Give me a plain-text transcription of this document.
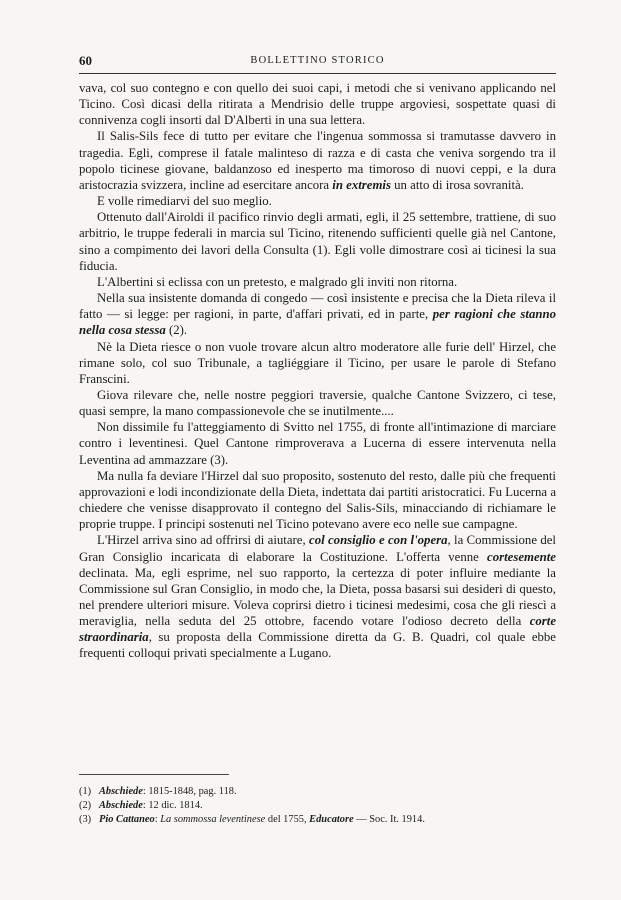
60	BOLLETTINO STORICO

vava, col suo contegno e con quello dei suoi capi, i metodi che si venivano applicando nel Ticino. Così dicasi della ritirata a Mendrisio delle truppe argoviesi, sospettate quasi di connivenza cogli insorti dal D'Alberti in una sua lettera.

Il Salis-Sils fece di tutto per evitare che l'ingenua sommossa si tramutasse davvero in tragedia. Egli, comprese il fatale malinteso di razza e di casta che veniva sorgendo tra il popolo ticinese giovane, baldanzoso ed inesperto ma timoroso di nuovi ceppi, e la dura aristocrazia svizzera, incline ad esercitare ancora in extremis un atto di irosa sovranità.

E volle rimediarvi del suo meglio.

Ottenuto dall'Airoldi il pacifico rinvio degli armati, egli, il 25 settembre, trattiene, di suo arbitrio, le truppe federali in marcia sul Ticino, ritenendo sufficienti quelle già nel Cantone, sino a compimento dei lavori della Consulta (1). Egli volle dimostrare così ai ticinesi la sua fiducia.

L'Albertini si eclissa con un pretesto, e malgrado gli inviti non ritorna.

Nella sua insistente domanda di congedo — così insistente e precisa che la Dieta rileva il fatto — si legge: per ragioni, in parte, d'affari privati, ed in parte, per ragioni che stanno nella cosa stessa (2).

Nè la Dieta riesce o non vuole trovare alcun altro moderatore alle furie dell' Hirzel, che rimane solo, col suo Tribunale, a tagliéggiare il Ticino, per usare le parole di Stefano Franscini.

Giova rilevare che, nelle nostre peggiori traversie, qualche Cantone Svizzero, ci tese, quasi sempre, la mano compassionevole che se inutilmente....

Non dissimile fu l'atteggiamento di Svitto nel 1755, di fronte all'intimazione di marciare contro i leventinesi. Quel Cantone rimproverava a Lucerna di essere intervenuta nella Leventina ad ammazzare (3).

Ma nulla fa deviare l'Hirzel dal suo proposito, sostenuto del resto, dalle più che frequenti approvazioni e lodi incondizionate della Dieta, indettata dai partiti aristocratici. Fu Lucerna a chiedere che venisse disapprovato il contegno del Salis-Sils, minacciando di richiamare le proprie truppe. I principi sostenuti nel Ticino potevano avere eco nelle sue campagne.

L'Hirzel arriva sino ad offrirsi di aiutare, col consiglio e con l'opera, la Commissione del Gran Consiglio incaricata di elaborare la Costituzione. L'offerta venne cortesemente declinata. Ma, egli esprime, nel suo rapporto, la certezza di poter influire mediante la Commissione sul Gran Consiglio, in modo che, la Dieta, possa basarsi sui desideri di questo, nel prendere ulteriori misure. Voleva coprirsi dietro i ticinesi medesimi, cosa che gli riescì a meraviglia, nella seduta del 25 ottobre, facendo votare l'odioso decreto della corte straordinaria, su proposta della Commissione diretta da G. B. Quadri, col quale ebbe frequenti colloqui privati specialmente a Lugano.

(1) Abschiede: 1815-1848, pag. 118.
(2) Abschiede: 12 dic. 1814.
(3) Pio Cattaneo: La sommossa leventinese del 1755, Educatore — Soc. It. 1914.
